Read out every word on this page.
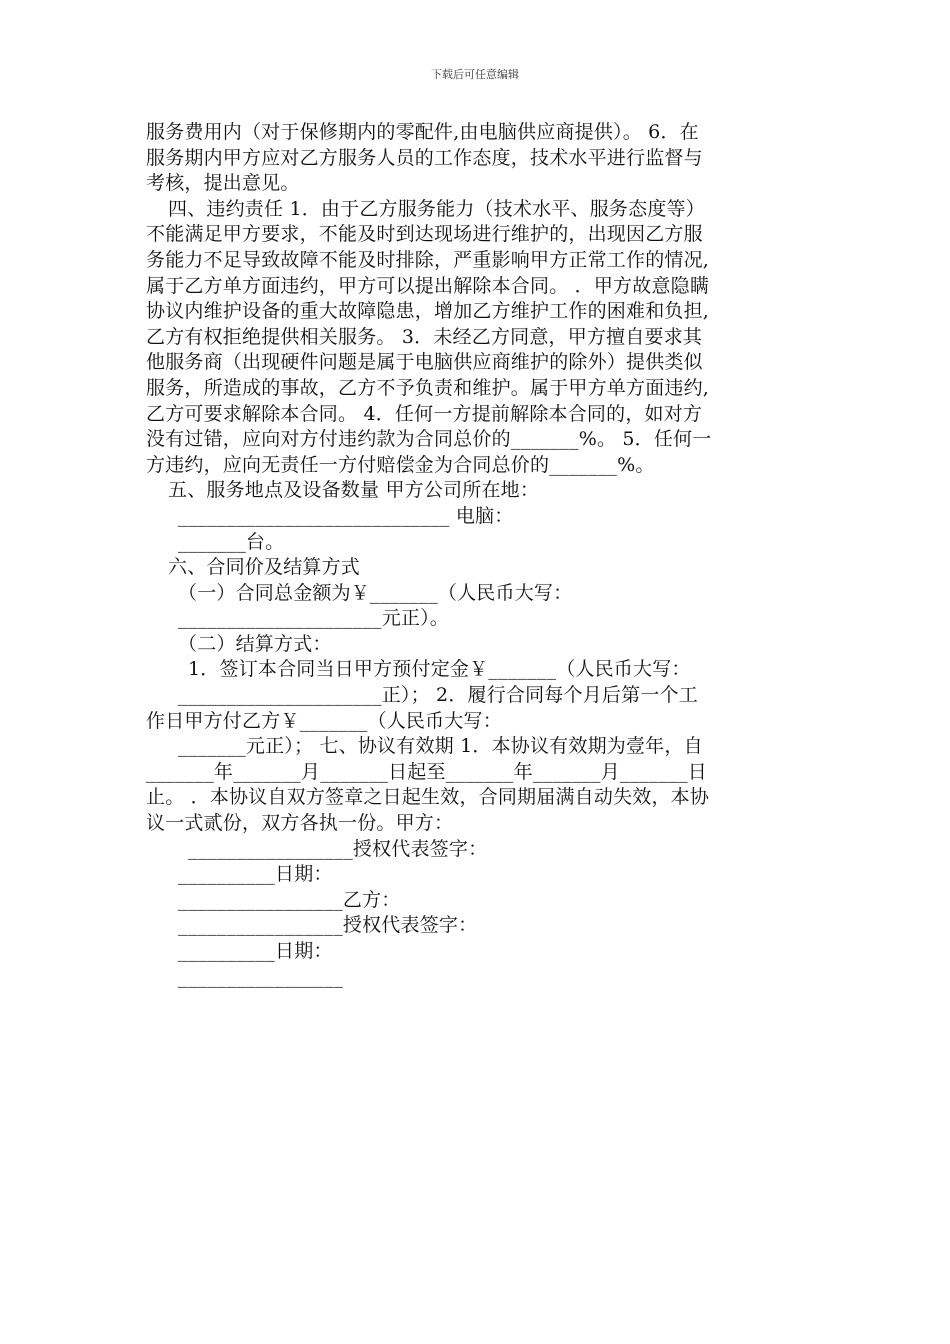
下载后可任意编辑
服务费用内（对于保修期内的零配件,由电脑供应商提供）。 6．在
服务期内甲方应对乙方服务人员的工作态度，技术水平进行监督与
考核，提出意见。
四、违约责任 1．由于乙方服务能力（技术水平、服务态度等）
不能满足甲方要求，不能及时到达现场进行维护的，出现因乙方服
务能力不足导致故障不能及时排除，严重影响甲方正常工作的情况,
属于乙方单方面违约，甲方可以提出解除本合同。 ．甲方故意隐瞒
协议内维护设备的重大故障隐患，增加乙方维护工作的困难和负担,
乙方有权拒绝提供相关服务。 3．未经乙方同意，甲方擅自要求其
他服务商（出现硬件问题是属于电脑供应商维护的除外）提供类似
服务，所造成的事故，乙方不予负责和维护。属于甲方单方面违约,
乙方可要求解除本合同。 4．任何一方提前解除本合同的，如对方
没有过错，应向对方付违约款为合同总价的_______%。 5．任何一
方违约，应向无责任一方付赔偿金为合同总价的_______%。
五、服务地点及设备数量 甲方公司所在地：
____________________________ 电脑：
_______台。
六、合同价及结算方式
（一）合同总金额为￥_______（人民币大写：
_____________________元正）。
（二）结算方式：
1．签订本合同当日甲方预付定金￥_______（人民币大写：
_____________________正）； 2．履行合同每个月后第一个工
作日甲方付乙方￥_______（人民币大写：
_______元正）； 七、协议有效期 1．本协议有效期为壹年，自
_______年_______月_______日起至_______年_______月_______日
止。 ．本协议自双方签章之日起生效，合同期届满自动失效，本协
议一式贰份，双方各执一份。甲方：
_________________授权代表签字：
__________日期：
_________________乙方：
_________________授权代表签字：
__________日期：
_________________
